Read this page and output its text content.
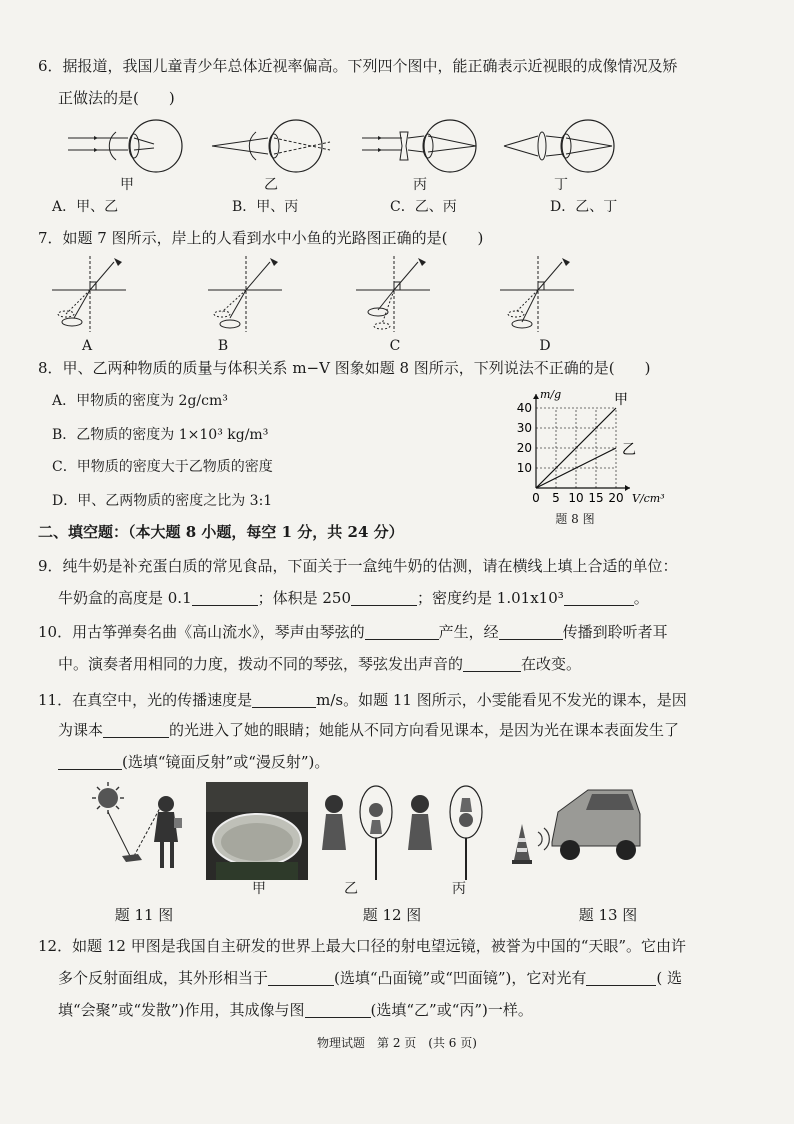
6．据报道，我国儿童青少年总体近视率偏高。下列四个图中，能正确表示近视眼的成像情况及矫
正做法的是(　　)
甲	乙	丙	丁
A．甲、乙	B．甲、丙	C．乙、丙	D．乙、丁
7．如题 7 图所示，岸上的人看到水中小鱼的光路图正确的是(　　)
A	B	C	D
8．甲、乙两种物质的质量与体积关系 m−V 图象如题 8 图所示，下列说法不正确的是(　　)
A．甲物质的密度为 2g/cm³
B．乙物质的密度为 1×10³ kg/m³
C．甲物质的密度大于乙物质的密度
D．甲、乙两物质的密度之比为 3:1
甲
乙
0 5 10 15 20
10
20
30
40
V/cm³
m/g
题 8 图
二、填空题：（本大题 8 小题，每空 1 分，共 24 分）
9．纯牛奶是补充蛋白质的常见食品，下面关于一盒纯牛奶的估测，请在横线上填上合适的单位：
牛奶盒的高度是 0.1	；体积是 250	；密度约是 1.01x10³	。
10．用古筝弹奏名曲《高山流水》，琴声由琴弦的	产生，经	传播到聆听者耳
中。演奏者用相同的力度，拨动不同的琴弦，琴弦发出声音的	在改变。
11．在真空中，光的传播速度是	m/s。如题 11 图所示，小雯能看见不发光的课本，是因
为课本	的光进入了她的眼睛；她能从不同方向看见课本，是因为光在课本表面发生了
(选填“镜面反射”或“漫反射”)。
甲	乙	丙
题 11 图	题 12 图	题 13 图
12．如题 12 甲图是我国自主研发的世界上最大口径的射电望远镜，被誉为中国的“天眼”。它由许
多个反射面组成，其外形相当于	(选填“凸面镜”或“凹面镜”)，它对光有	( 选
填“会聚”或“发散”)作用，其成像与图	(选填“乙”或“丙”)一样。
物理试题　第 2 页　(共 6 页)
